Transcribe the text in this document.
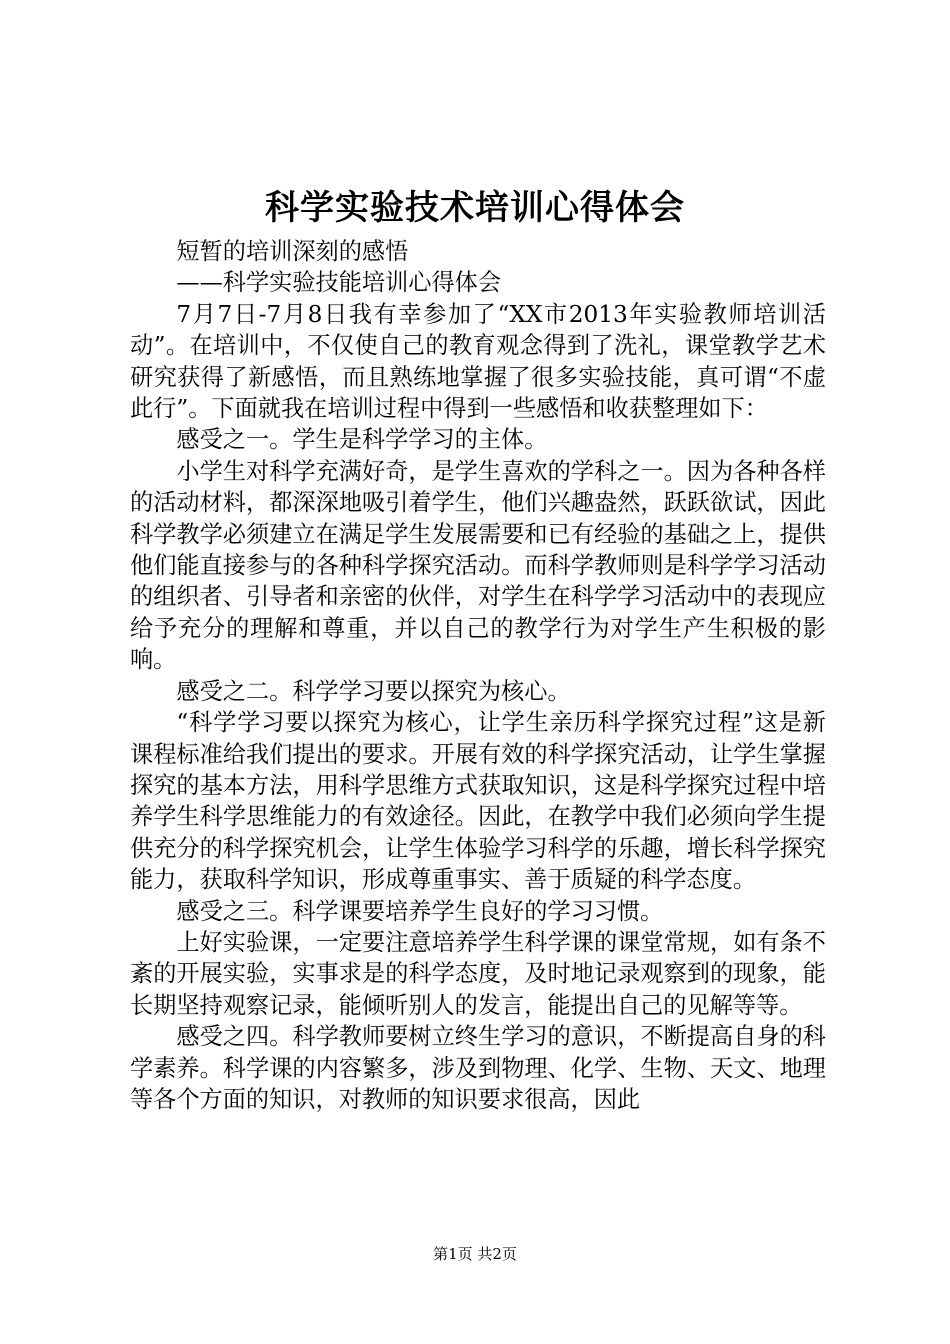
科学实验技术培训心得体会

短暂的培训深刻的感悟

——科学实验技能培训心得体会

7月7日-7月8日我有幸参加了“XX市2013年实验教师培训活动”。在培训中，不仅使自己的教育观念得到了洗礼，课堂教学艺术研究获得了新感悟，而且熟练地掌握了很多实验技能，真可谓“不虚此行”。下面就我在培训过程中得到一些感悟和收获整理如下：

感受之一。学生是科学学习的主体。

小学生对科学充满好奇，是学生喜欢的学科之一。因为各种各样的活动材料，都深深地吸引着学生，他们兴趣盎然，跃跃欲试，因此科学教学必须建立在满足学生发展需要和已有经验的基础之上，提供他们能直接参与的各种科学探究活动。而科学教师则是科学学习活动的组织者、引导者和亲密的伙伴，对学生在科学学习活动中的表现应给予充分的理解和尊重，并以自己的教学行为对学生产生积极的影响。

感受之二。科学学习要以探究为核心。

“科学学习要以探究为核心，让学生亲历科学探究过程”这是新课程标准给我们提出的要求。开展有效的科学探究活动，让学生掌握探究的基本方法，用科学思维方式获取知识，这是科学探究过程中培养学生科学思维能力的有效途径。因此，在教学中我们必须向学生提供充分的科学探究机会，让学生体验学习科学的乐趣，增长科学探究能力，获取科学知识，形成尊重事实、善于质疑的科学态度。

感受之三。科学课要培养学生良好的学习习惯。

上好实验课，一定要注意培养学生科学课的课堂常规，如有条不紊的开展实验，实事求是的科学态度，及时地记录观察到的现象，能长期坚持观察记录，能倾听别人的发言，能提出自己的见解等等。

感受之四。科学教师要树立终生学习的意识，不断提高自身的科学素养。科学课的内容繁多，涉及到物理、化学、生物、天文、地理等各个方面的知识，对教师的知识要求很高，因此

第1页 共2页
